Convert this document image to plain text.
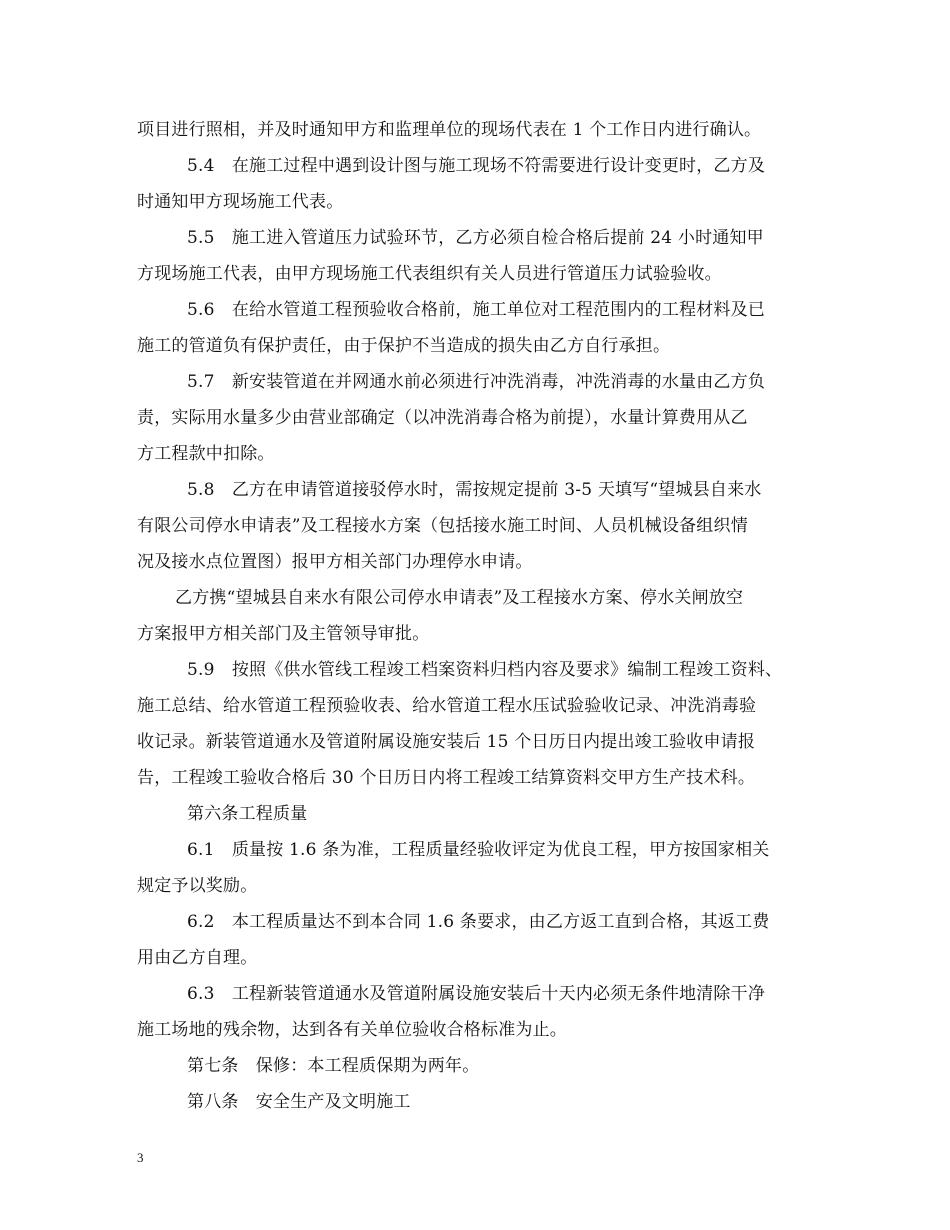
项目进行照相，并及时通知甲方和监理单位的现场代表在 1 个工作日内进行确认。
5.4　在施工过程中遇到设计图与施工现场不符需要进行设计变更时，乙方及
时通知甲方现场施工代表。
5.5　施工进入管道压力试验环节，乙方必须自检合格后提前 24 小时通知甲
方现场施工代表，由甲方现场施工代表组织有关人员进行管道压力试验验收。
5.6　在给水管道工程预验收合格前，施工单位对工程范围内的工程材料及已
施工的管道负有保护责任，由于保护不当造成的损失由乙方自行承担。
5.7　新安装管道在并网通水前必须进行冲洗消毒，冲洗消毒的水量由乙方负
责，实际用水量多少由营业部确定（以冲洗消毒合格为前提），水量计算费用从乙
方工程款中扣除。
5.8　乙方在申请管道接驳停水时，需按规定提前 3-5 天填写“望城县自来水
有限公司停水申请表”及工程接水方案（包括接水施工时间、人员机械设备组织情
况及接水点位置图）报甲方相关部门办理停水申请。
乙方携“望城县自来水有限公司停水申请表”及工程接水方案、停水关闸放空
方案报甲方相关部门及主管领导审批。
5.9　按照《供水管线工程竣工档案资料归档内容及要求》编制工程竣工资料、
施工总结、给水管道工程预验收表、给水管道工程水压试验验收记录、冲洗消毒验
收记录。新装管道通水及管道附属设施安装后 15 个日历日内提出竣工验收申请报
告，工程竣工验收合格后 30 个日历日内将工程竣工结算资料交甲方生产技术科。
第六条工程质量
6.1　质量按 1.6 条为准，工程质量经验收评定为优良工程，甲方按国家相关
规定予以奖励。
6.2　本工程质量达不到本合同 1.6 条要求，由乙方返工直到合格，其返工费
用由乙方自理。
6.3　工程新装管道通水及管道附属设施安装后十天内必须无条件地清除干净
施工场地的残余物，达到各有关单位验收合格标准为止。
第七条　保修：本工程质保期为两年。
第八条　安全生产及文明施工
3
